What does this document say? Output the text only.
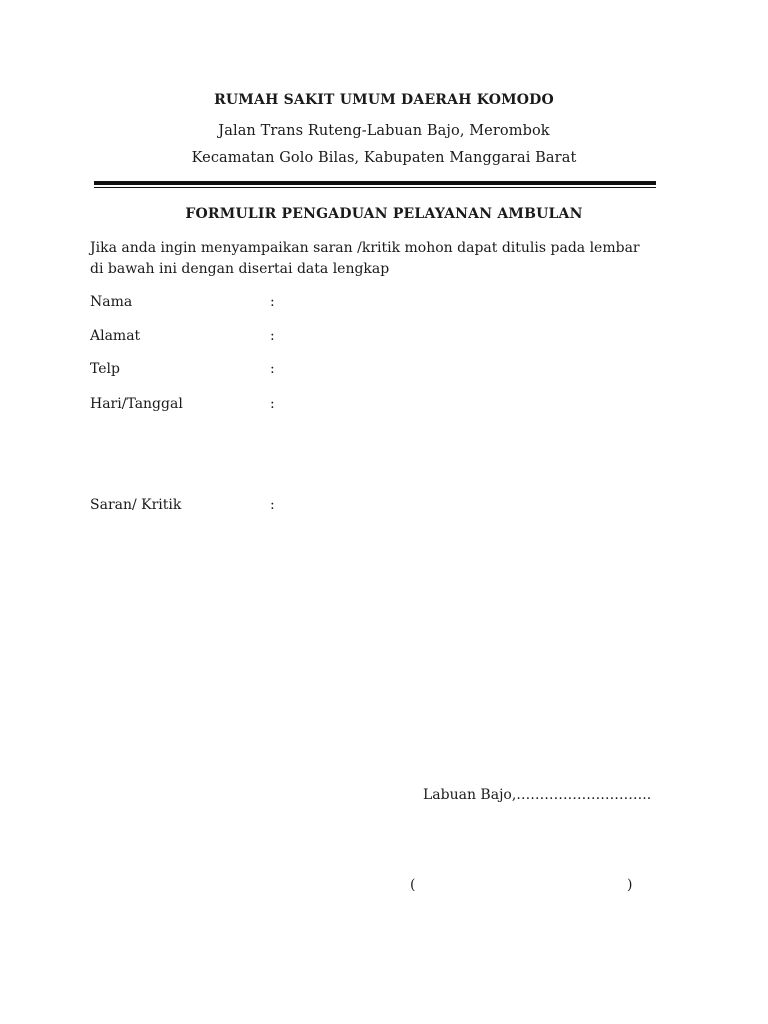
RUMAH SAKIT UMUM DAERAH KOMODO
Jalan Trans Ruteng-Labuan Bajo, Merombok
Kecamatan Golo Bilas, Kabupaten Manggarai Barat
FORMULIR PENGADUAN PELAYANAN AMBULAN
Jika anda ingin menyampaikan saran /kritik mohon dapat ditulis pada lembar
di bawah ini dengan disertai data lengkap
Nama	:
Alamat	:
Telp	:
Hari/Tanggal	:
Saran/ Kritik	:
Labuan Bajo,………………………..
(	)
